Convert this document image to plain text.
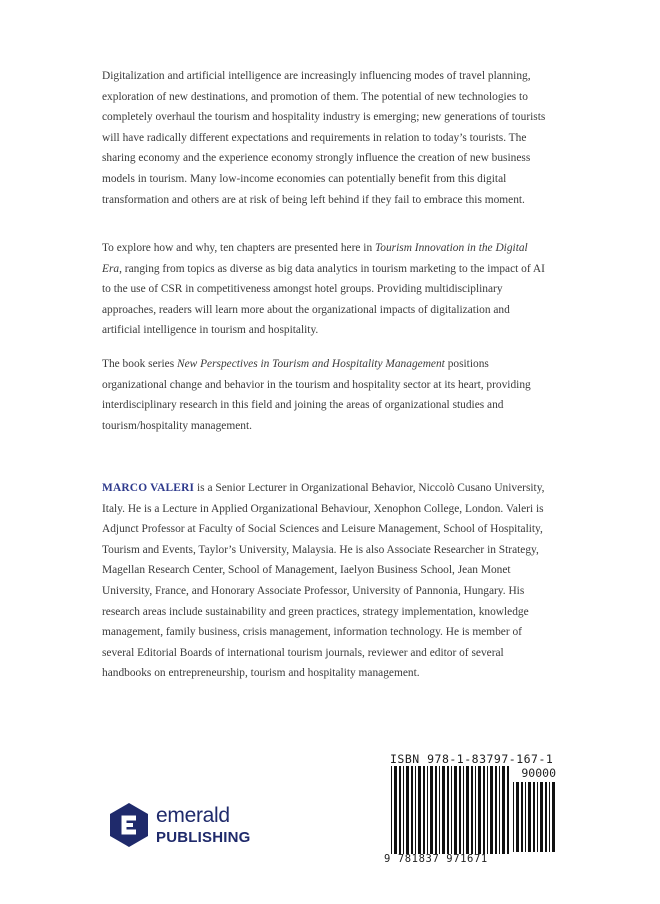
Digitalization and artificial intelligence are increasingly influencing modes of travel planning, exploration of new destinations, and promotion of them. The potential of new technologies to completely overhaul the tourism and hospitality industry is emerging; new generations of tourists will have radically different expectations and requirements in relation to today’s tourists. The sharing economy and the experience economy strongly influence the creation of new business models in tourism. Many low-income economies can potentially benefit from this digital transformation and others are at risk of being left behind if they fail to embrace this moment.

To explore how and why, ten chapters are presented here in Tourism Innovation in the Digital Era, ranging from topics as diverse as big data analytics in tourism marketing to the impact of AI to the use of CSR in competitiveness amongst hotel groups. Providing multidisciplinary approaches, readers will learn more about the organizational impacts of digitalization and artificial intelligence in tourism and hospitality.

The book series New Perspectives in Tourism and Hospitality Management positions organizational change and behavior in the tourism and hospitality sector at its heart, providing interdisciplinary research in this field and joining the areas of organizational studies and tourism/hospitality management.

MARCO VALERI is a Senior Lecturer in Organizational Behavior, Niccolò Cusano University, Italy. He is a Lecture in Applied Organizational Behaviour, Xenophon College, London. Valeri is Adjunct Professor at Faculty of Social Sciences and Leisure Management, School of Hospitality, Tourism and Events, Taylor’s University, Malaysia. He is also Associate Researcher in Strategy, Magellan Research Center, School of Management, Iaelyon Business School, Jean Monet University, France, and Honorary Associate Professor, University of Pannonia, Hungary. His research areas include sustainability and green practices, strategy implementation, knowledge management, family business, crisis management, information technology. He is member of several Editorial Boards of international tourism journals, reviewer and editor of several handbooks on entrepreneurship, tourism and hospitality management.

emerald
PUBLISHING
ISBN 978-1-83797-167-1
90000
9 781837 971671
